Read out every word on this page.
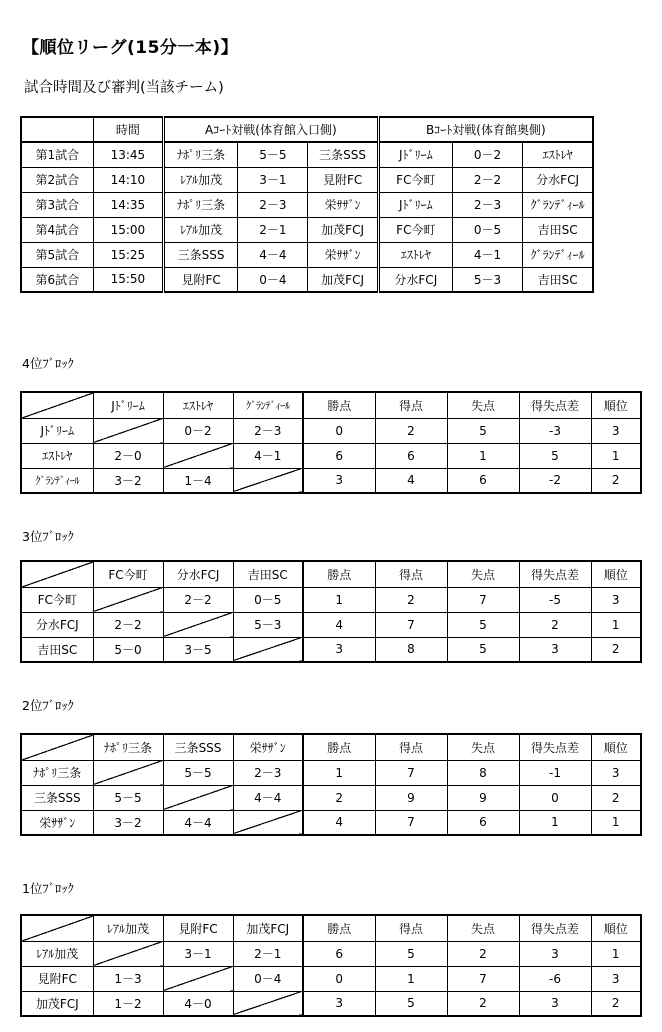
【順位リーグ(15分一本)】
試合時間及び審判(当該チーム)
	時間	Aｺｰﾄ対戦(体育館入口側)			Bｺｰﾄ対戦(体育館奥側)		
第1試合	13:45	ﾅﾎﾟﾘ三条	5－5	三条SSS	Jﾄﾞﾘｰﾑ	0－2	ｴｽﾄﾚﾔ
第2試合	14:10	ﾚｱﾙ加茂	3－1	見附FC	FC今町	2－2	分水FCJ
第3試合	14:35	ﾅﾎﾟﾘ三条	2－3	栄ｻｻﾞﾝ	Jﾄﾞﾘｰﾑ	2－3	ｸﾞﾗﾝﾃﾞｨｰﾙ
第4試合	15:00	ﾚｱﾙ加茂	2－1	加茂FCJ	FC今町	0－5	吉田SC
第5試合	15:25	三条SSS	4－4	栄ｻｻﾞﾝ	ｴｽﾄﾚﾔ	4－1	ｸﾞﾗﾝﾃﾞｨｰﾙ
第6試合	15:50	見附FC	0－4	加茂FCJ	分水FCJ	5－3	吉田SC
4位ﾌﾞﾛｯｸ
	Jﾄﾞﾘｰﾑ	ｴｽﾄﾚﾔ	ｸﾞﾗﾝﾃﾞｨｰﾙ	勝点	得点	失点	得失点差	順位
Jﾄﾞﾘｰﾑ		0－2	2－3	0	2	5	-3	3
ｴｽﾄﾚﾔ	2－0		4－1	6	6	1	5	1
ｸﾞﾗﾝﾃﾞｨｰﾙ	3－2	1－4		3	4	6	-2	2
3位ﾌﾞﾛｯｸ
	FC今町	分水FCJ	吉田SC	勝点	得点	失点	得失点差	順位
FC今町		2－2	0－5	1	2	7	-5	3
分水FCJ	2－2		5－3	4	7	5	2	1
吉田SC	5－0	3－5		3	8	5	3	2
2位ﾌﾞﾛｯｸ
	ﾅﾎﾟﾘ三条	三条SSS	栄ｻｻﾞﾝ	勝点	得点	失点	得失点差	順位
ﾅﾎﾟﾘ三条		5－5	2－3	1	7	8	-1	3
三条SSS	5－5		4－4	2	9	9	0	2
栄ｻｻﾞﾝ	3－2	4－4		4	7	6	1	1
1位ﾌﾞﾛｯｸ
	ﾚｱﾙ加茂	見附FC	加茂FCJ	勝点	得点	失点	得失点差	順位
ﾚｱﾙ加茂		3－1	2－1	6	5	2	3	1
見附FC	1－3		0－4	0	1	7	-6	3
加茂FCJ	1－2	4－0		3	5	2	3	2
